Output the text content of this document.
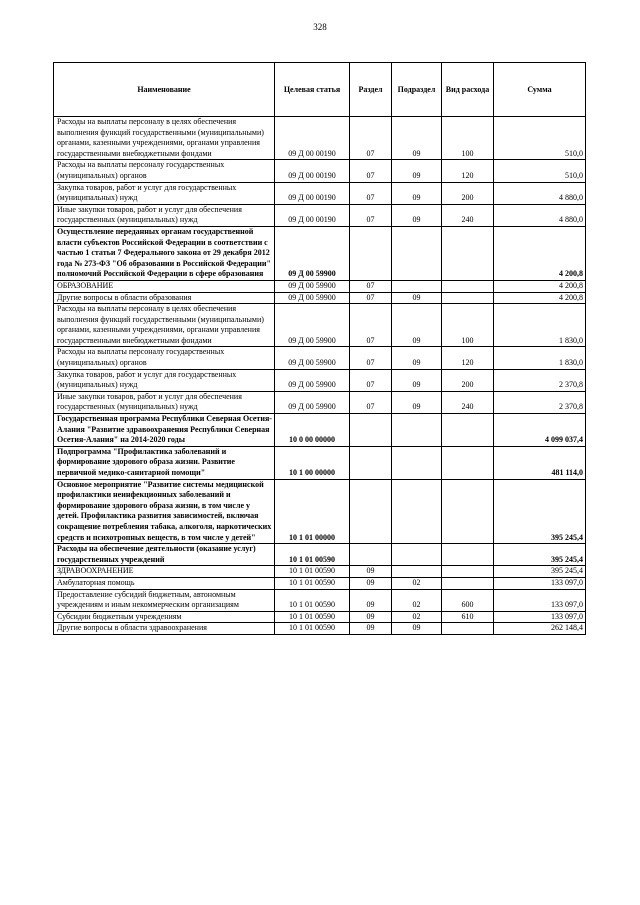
328
Наименование	Целевая статья	Раздел	Подраздел	Вид расхода	Сумма
Расходы на выплаты персоналу в целях обеспечения выполнения функций государственными (муниципальными) органами, казенными учреждениями, органами управления государственными внебюджетными фондами	09 Д 00 00190	07	09	100	510,0
Расходы на выплаты персоналу государственных (муниципальных) органов	09 Д 00 00190	07	09	120	510,0
Закупка товаров, работ и услуг для государственных (муниципальных) нужд	09 Д 00 00190	07	09	200	4 880,0
Иные закупки товаров, работ и услуг для обеспечения государственных (муниципальных) нужд	09 Д 00 00190	07	09	240	4 880,0
Осуществление переданных органам государственной власти субъектов Российской Федерации в соответствии с частью 1 статьи 7 Федерального закона от 29 декабря 2012 года № 273-ФЗ "Об образовании в Российской Федерации" полномочий Российской Федерации в сфере образования	09 Д 00 59900				4 200,8
ОБРАЗОВАНИЕ	09 Д 00 59900	07			4 200,8
Другие вопросы в области образования	09 Д 00 59900	07	09		4 200,8
Расходы на выплаты персоналу в целях обеспечения выполнения функций государственными (муниципальными) органами, казенными учреждениями, органами управления государственными внебюджетными фондами	09 Д 00 59900	07	09	100	1 830,0
Расходы на выплаты персоналу государственных (муниципальных) органов	09 Д 00 59900	07	09	120	1 830,0
Закупка товаров, работ и услуг для государственных (муниципальных) нужд	09 Д 00 59900	07	09	200	2 370,8
Иные закупки товаров, работ и услуг для обеспечения государственных (муниципальных) нужд	09 Д 00 59900	07	09	240	2 370,8
Государственная программа Республики Северная Осетия-Алания "Развитие здравоохранения Республики Северная Осетия-Алания" на 2014-2020 годы	10 0 00 00000				4 099 037,4
Подпрограмма "Профилактика заболеваний и формирование здорового образа жизни. Развитие первичной медико-санитарной помощи"	10 1 00 00000				481 114,0
Основное мероприятие "Развитие системы медицинской профилактики неинфекционных заболеваний и формирование здорового образа жизни, в том числе у детей. Профилактика развития зависимостей, включая сокращение потребления табака, алкоголя, наркотических средств и психотропных веществ, в том числе у детей"	10 1 01 00000				395 245,4
Расходы на обеспечение деятельности (оказание услуг) государственных учреждений	10 1 01 00590				395 245,4
ЗДРАВООХРАНЕНИЕ	10 1 01 00590	09			395 245,4
Амбулаторная помощь	10 1 01 00590	09	02		133 097,0
Предоставление субсидий бюджетным, автономным учреждениям и иным некоммерческим организациям	10 1 01 00590	09	02	600	133 097,0
Субсидии бюджетным учреждениям	10 1 01 00590	09	02	610	133 097,0
Другие вопросы в области здравоохранения	10 1 01 00590	09	09		262 148,4
